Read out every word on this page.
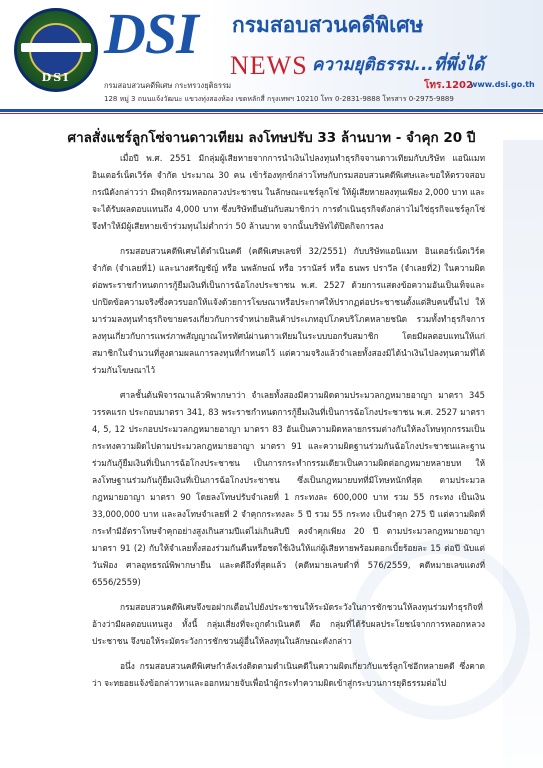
DSI
DSI กรมสอบสวนคดีพิเศษ
NEWS ความยุติธรรม...ที่พึ่งได้
กรมสอบสวนคดีพิเศษ กระทรวงยุติธรรม	โทร.1202
www.dsi.go.th
128 หมู่ 3 ถนนแจ้งวัฒนะ แขวงทุ่งสองห้อง เขตหลักสี่ กรุงเทพฯ 10210 โทร 0-2831-9888 โทรสาร 0-2975-9889
ศาลสั่งแชร์ลูกโซ่จานดาวเทียม ลงโทษปรับ 33 ล้านบาท - จำคุก 20 ปี

เมื่อปี พ.ศ. 2551 มีกลุ่มผู้เสียหายจากการนำเงินไปลงทุนทำธุรกิจจานดาวเทียมกับบริษัท แอนิแมท อินเตอร์เน็ตเวิร์ค จำกัด ประมาณ 30 คน เข้าร้องทุกข์กล่าวโทษกับกรมสอบสวนคดีพิเศษและขอให้ตรวจสอบกรณีดังกล่าวว่า มีพฤติกรรมหลอกลวงประชาชน ในลักษณะแชร์ลูกโซ่ ให้ผู้เสียหายลงทุนเพียง 2,000 บาท และจะได้รับผลตอบแทนถึง 4,000 บาท ซึ่งบริษัทยืนยันกับสมาชิกว่า การดำเนินธุรกิจดังกล่าวไม่ใช่ธุรกิจแชร์ลูกโซ่ จึงทำให้มีผู้เสียหายเข้าร่วมทุนไม่ต่ำกว่า 50 ล้านบาท จากนั้นบริษัทได้ปิดกิจการลง

กรมสอบสวนคดีพิเศษได้ดำเนินคดี (คดีพิเศษเลขที่ 32/2551) กับบริษัทแอนิแมท อินเตอร์เน็ตเวิร์ค จำกัด (จำเลยที่1) และนางศรัญชัญ์ หรือ นพลักษณ์ หรือ วรานัสร์ หรือ ธนพร ปราวีล (จำเลยที่2) ในความผิดต่อพระราชกำหนดการกู้ยืมเงินที่เป็นการฉ้อโกงประชาชน พ.ศ. 2527 ด้วยการแสดงข้อความอันเป็นเท็จและปกปิดข้อความจริงซึ่งควรบอกให้แจ้งด้วยการโฆษณาหรือประกาศให้ปรากฏต่อประชาชนตั้งแต่สิบคนขึ้นไป ให้มาร่วมลงทุนทำธุรกิจขายตรงเกี่ยวกับการจำหน่ายสินค้าประเภทอุปโภคบริโภคหลายชนิด รวมทั้งทำธุรกิจการลงทุนเกี่ยวกับการแพร่ภาพสัญญาณโทรทัศน์ผ่านดาวเทียมในระบบบอกรับสมาชิก โดยมีผลตอบแทนให้แก่สมาชิกในจำนวนที่สูงตามผลแการลงทุนที่กำหนดไว้ แต่ความจริงแล้วจำเลยทั้งสองมิได้นำเงินไปลงทุนตามที่ได้ร่วมกันโฆษณาไว้

ศาลชั้นต้นพิจารณาแล้วพิพากษาว่า จำเลยทั้งสองมีความผิดตามประมวลกฎหมายอาญา มาตรา 345 วรรคแรก ประกอบมาตรา 341, 83 พระราชกำหนดการกู้ยืมเงินที่เป็นการฉ้อโกงประชาชน พ.ศ. 2527 มาตรา 4, 5, 12 ประกอบประมวลกฎหมายอาญา มาตรา 83 อันเป็นความผิดหลายกรรมต่างกันให้ลงโทษทุกกรรมเป็นกระทงความผิดไปตามประมวลกฎหมายอาญา มาตรา 91 และความผิดฐานร่วมกันฉ้อโกงประชาชนและฐานร่วมกันกู้ยืมเงินที่เป็นการฉ้อโกงประชาชน เป็นการกระทำกรรมเดียวเป็นความผิดต่อกฎหมายหลายบท ให้ลงโทษฐานร่วมกันกู้ยืมเงินที่เป็นการฉ้อโกงประชาชน ซึ่งเป็นกฎหมายบทที่มีโทษหนักที่สุด ตามประมวลกฎหมายอาญา มาตรา 90 โดยลงโทษปรับจำเลยที่ 1 กระทงละ 600,000 บาท รวม 55 กระทง เป็นเงิน 33,000,000 บาท และลงโทษจำเลยที่ 2 จำคุกกระทงละ 5 ปี รวม 55 กระทง เป็นจำคุก 275 ปี แต่ความผิดที่กระทำมีอัตราโทษจำคุกอย่างสูงเกินสามปีแต่ไม่เกินสิบปี คงจำคุกเพียง 20 ปี ตามประมวลกฎหมายอาญา มาตรา 91 (2) กับให้จำเลยทั้งสองร่วมกันคืนหรือชดใช้เงินให้แก่ผู้เสียหายพร้อมดอกเบี้ยร้อยละ 15 ต่อปี นับแต่วันฟ้อง ศาลอุทธรณ์พิพากษายืน และคดีถึงที่สุดแล้ว (คดีหมายเลขดำที่ 576/2559, คดีหมายเลขแดงที่ 6556/2559)

กรมสอบสวนคดีพิเศษจึงขอฝากเตือนไปยังประชาชนให้ระมัดระวังในการชักชวนให้ลงทุนร่วมทำธุรกิจที่อ้างว่ามีผลตอบแทนสูง ทั้งนี้ กลุ่มเสี่ยงที่จะถูกดำเนินคดี คือ กลุ่มที่ได้รับผลประโยชน์จากการหลอกหลวงประชาชน จึงขอให้ระมัดระวังการชักชวนผู้อื่นให้ลงทุนในลักษณะดังกล่าว

อนึ่ง กรมสอบสวนคดีพิเศษกำลังเร่งติดตามดำเนินคดีในความผิดเกี่ยวกับแชร์ลูกโซ่อีกหลายคดี ซึ่งคาดว่า จะทยอยแจ้งข้อกล่าวหาและออกหมายจับเพื่อนำผู้กระทำความผิดเข้าสู่กระบวนการยุติธรรมต่อไป
